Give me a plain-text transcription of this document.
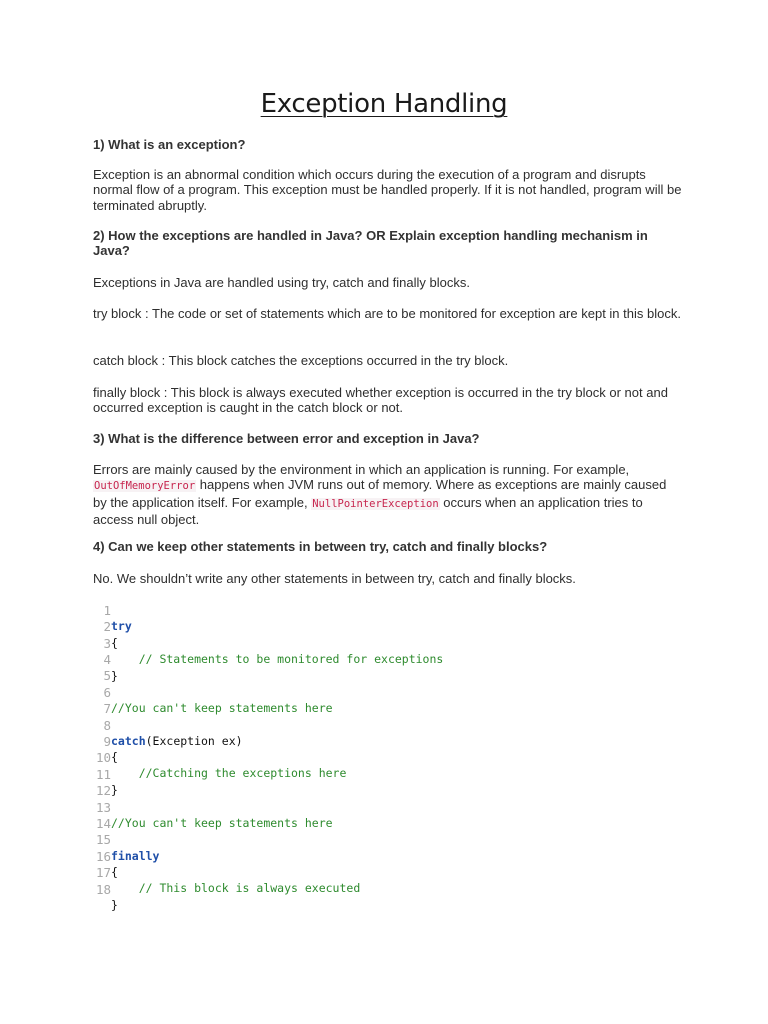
Exception Handling
1) What is an exception?
Exception is an abnormal condition which occurs during the execution of a program and disrupts normal flow of a program. This exception must be handled properly. If it is not handled, program will be terminated abruptly.
2) How the exceptions are handled in Java? OR Explain exception handling mechanism in Java?
Exceptions in Java are handled using try, catch and finally blocks.
try block : The code or set of statements which are to be monitored for exception are kept in this block.
catch block : This block catches the exceptions occurred in the try block.
finally block : This block is always executed whether exception is occurred in the try block or not and occurred exception is caught in the catch block or not.
3) What is the difference between error and exception in Java?
Errors are mainly caused by the environment in which an application is running. For example, OutOfMemoryError happens when JVM runs out of memory. Where as exceptions are mainly caused by the application itself. For example, NullPointerException occurs when an application tries to access null object.
4) Can we keep other statements in between try, catch and finally blocks?
No. We shouldn’t write any other statements in between try, catch and finally blocks.
1
2 try
3 {
4 // Statements to be monitored for exceptions
5 }
6
7 //You can't keep statements here
8
9 catch(Exception ex)
10 {
11 //Catching the exceptions here
12 }
13
14 //You can't keep statements here
15
16 finally
17 {
18 // This block is always executed
}
